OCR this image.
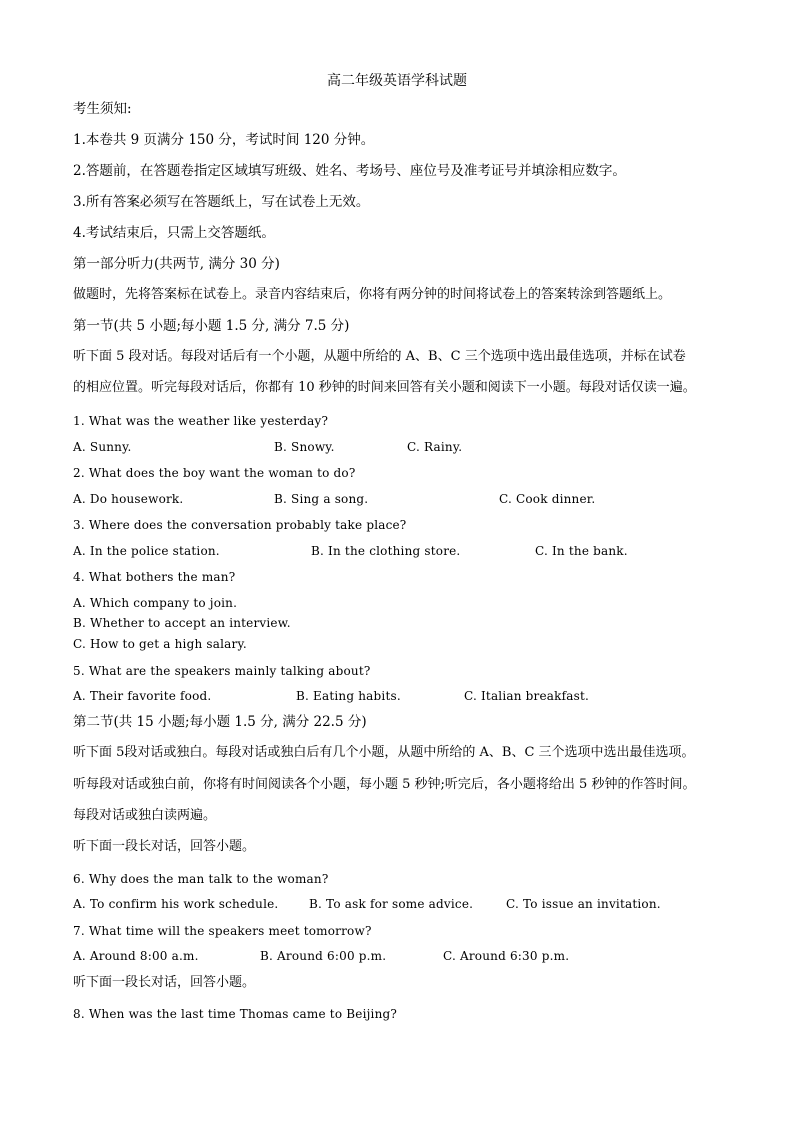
高二年级英语学科试题
考生须知:
1.本卷共 9 页满分 150 分，考试时间 120 分钟。
2.答题前，在答题卷指定区域填写班级、姓名、考场号、座位号及准考证号并填涂相应数字。
3.所有答案必须写在答题纸上，写在试卷上无效。
4.考试结束后，只需上交答题纸。
第一部分听力(共两节, 满分 30 分)
做题时，先将答案标在试卷上。录音内容结束后，你将有两分钟的时间将试卷上的答案转涂到答题纸上。
第一节(共 5 小题;每小题 1.5 分, 满分 7.5 分)
听下面 5 段对话。每段对话后有一个小题，从题中所给的 A、B、C 三个选项中选出最佳选项，并标在试卷
的相应位置。听完每段对话后，你都有 10 秒钟的时间来回答有关小题和阅读下一小题。每段对话仅读一遍。
1. What was the weather like yesterday?
A. Sunny.	B. Snowy.	C. Rainy.
2. What does the boy want the woman to do?
A. Do housework.	B. Sing a song.	C. Cook dinner.
3. Where does the conversation probably take place?
A. In the police station.	B. In the clothing store.	C. In the bank.
4. What bothers the man?
A. Which company to join.
B. Whether to accept an interview.
C. How to get a high salary.
5. What are the speakers mainly talking about?
A. Their favorite food.	B. Eating habits.	C. Italian breakfast.
第二节(共 15 小题;每小题 1.5 分, 满分 22.5 分)
听下面 5段对话或独白。每段对话或独白后有几个小题，从题中所给的 A、B、C 三个选项中选出最佳选项。
听每段对话或独白前，你将有时间阅读各个小题，每小题 5 秒钟;听完后，各小题将给出 5 秒钟的作答时间。
每段对话或独白读两遍。
听下面一段长对话，回答小题。
6. Why does the man talk to the woman?
A. To confirm his work schedule.	B. To ask for some advice.	C. To issue an invitation.
7. What time will the speakers meet tomorrow?
A. Around 8:00 a.m.	B. Around 6:00 p.m.	C. Around 6:30 p.m.
听下面一段长对话，回答小题。
8. When was the last time Thomas came to Beijing?
